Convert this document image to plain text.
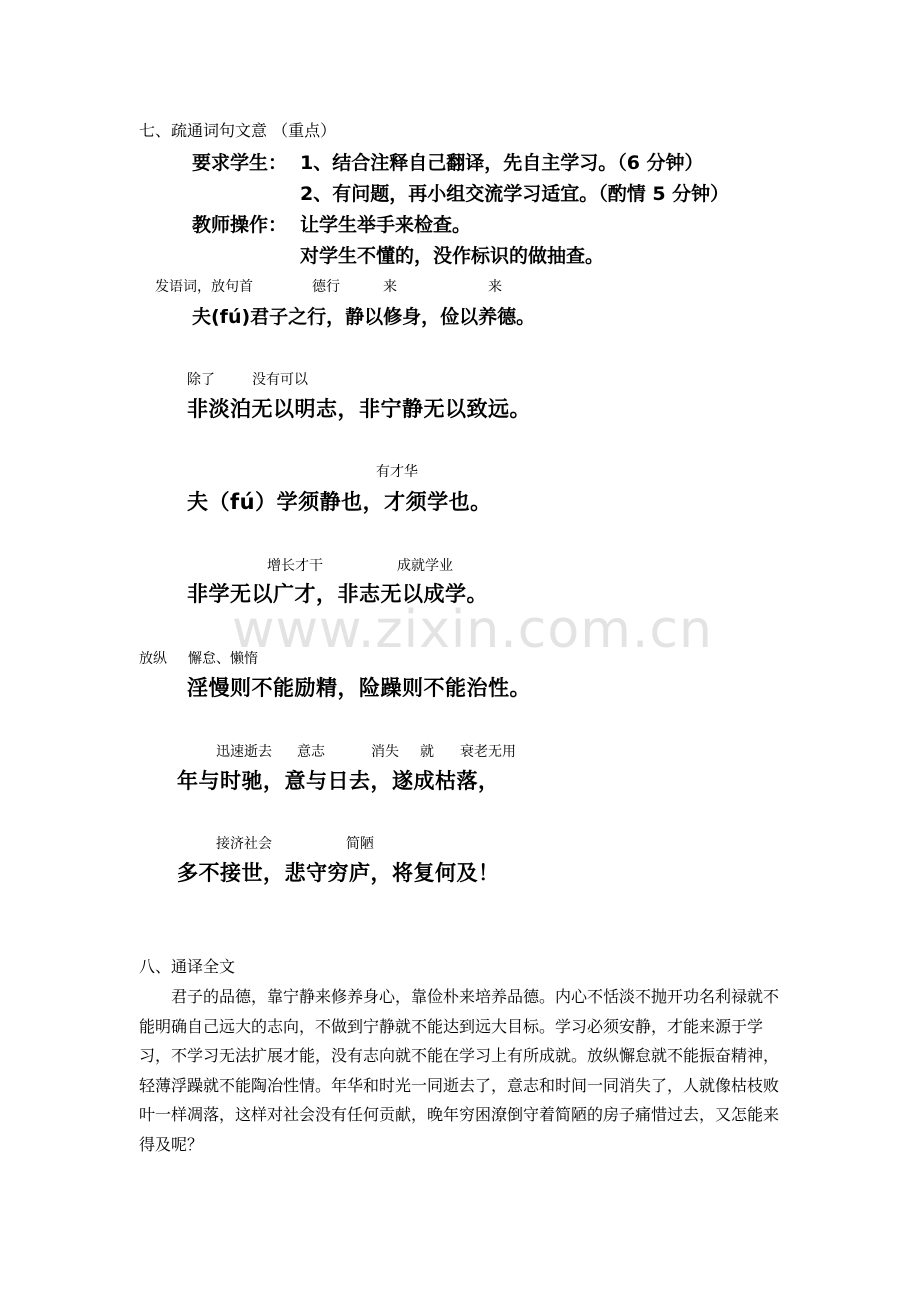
www.zixin.com.cn
七、疏通词句文意 （重点）
要求学生： 1、结合注释自己翻译，先自主学习。（6 分钟）
2、有问题，再小组交流学习适宜。（酌情 5 分钟）
教师操作： 让学生举手来检查。
对学生不懂的，没作标识的做抽查。
发语词，放句首	德行	来	来
夫(fú)君子之行，静以修身，俭以养德。
除了	没有可以
非淡泊无以明志，非宁静无以致远。
有才华
夫（fú）学须静也，才须学也。
增长才干	成就学业
非学无以广才，非志无以成学。
放纵 懈怠、懒惰
淫慢则不能励精，险躁则不能治性。
迅速逝去 意志	消失 就 衰老无用
年与时驰，意与日去，遂成枯落，
接济社会	简陋
多不接世，悲守穷庐，将复何及！
八、通译全文
君子的品德，靠宁静来修养身心，靠俭朴来培养品德。内心不恬淡不抛开功名利禄就不能明确自己远大的志向，不做到宁静就不能达到远大目标。学习必须安静，才能来源于学习，不学习无法扩展才能，没有志向就不能在学习上有所成就。放纵懈怠就不能振奋精神，轻薄浮躁就不能陶冶性情。年华和时光一同逝去了，意志和时间一同消失了，人就像枯枝败叶一样凋落，这样对社会没有任何贡献，晚年穷困潦倒守着简陋的房子痛惜过去，又怎能来得及呢？
